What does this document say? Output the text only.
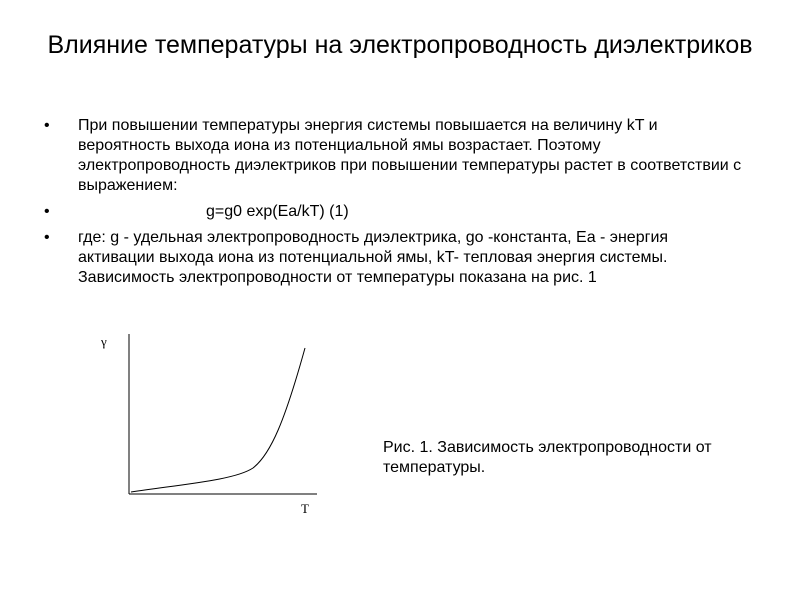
Влияние температуры на электропроводность диэлектриков
• При повышении температуры энергия системы повышается на величину kT и вероятность выхода иона из потенциальной ямы возрастает. Поэтому электропроводность диэлектриков при повышении температуры растет в соответствии с выражением:
•	g=g0 exp(Ea/kT) (1)
• где: g - удельная электропроводность диэлектрика, go -константа, Ea - энергия активации выхода иона из потенциальной ямы, kT- тепловая энергия системы. Зависимость электропроводности от температуры показана на рис. 1
γ
T

Рис. 1. Зависимость электропроводности от температуры.
